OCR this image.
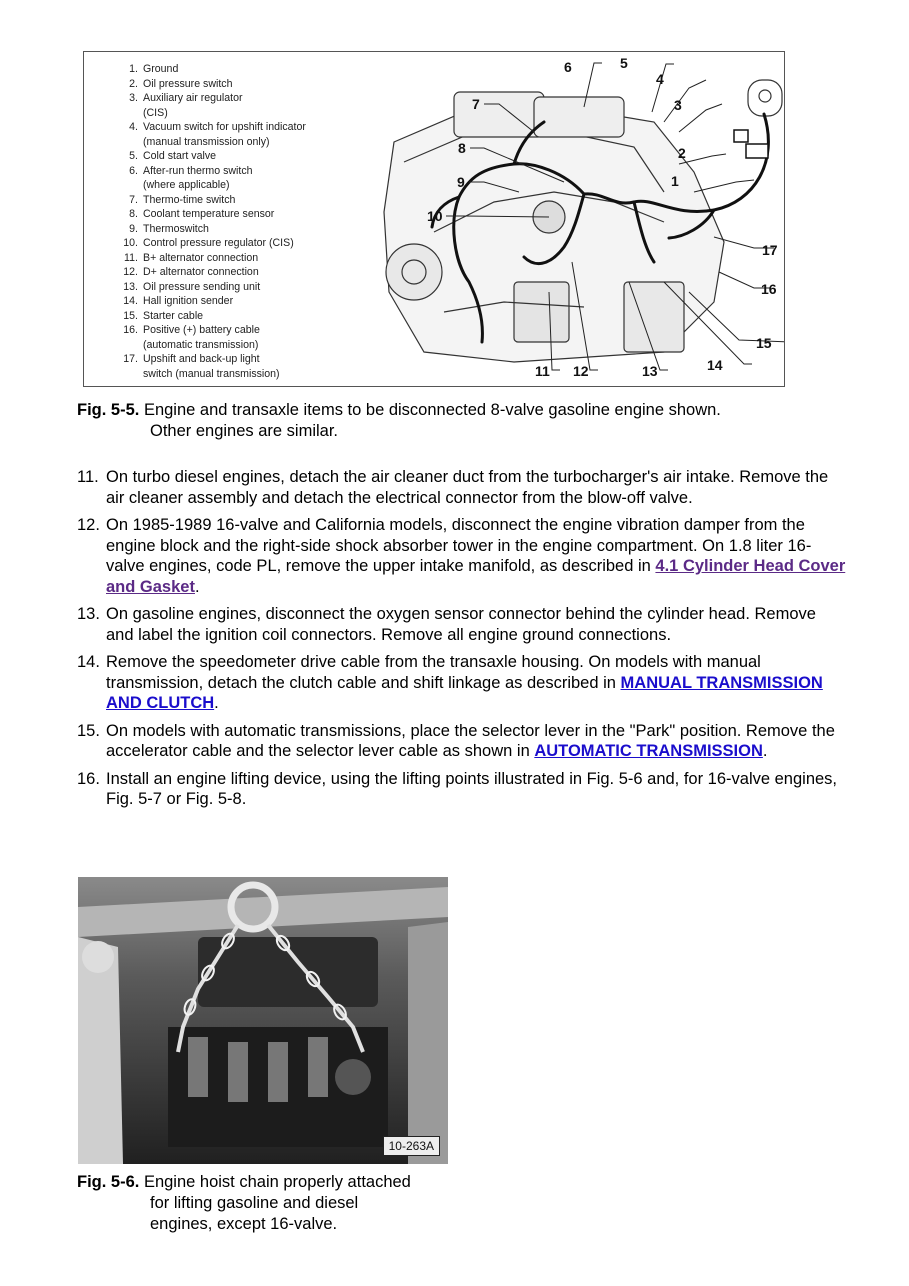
1. Ground
2. Oil pressure switch
3. Auxiliary air regulator
(CIS)
4. Vacuum switch for upshift indicator
(manual transmission only)
5. Cold start valve
6. After-run thermo switch
(where applicable)
7. Thermo-time switch
8. Coolant temperature sensor
9. Thermoswitch
10. Control pressure regulator (CIS)
11. B+ alternator connection
12. D+ alternator connection
13. Oil pressure sending unit
14. Hall ignition sender
15. Starter cable
16. Positive (+) battery cable
(automatic transmission)
17. Upshift and back-up light
switch (manual transmission)
5
6
4
3
2
1
7
8
9
10
11 12	13	14
15
16
17
Fig. 5-5. Engine and transaxle items to be disconnected 8-valve gasoline engine shown.
Other engines are similar.
11. On turbo diesel engines, detach the air cleaner duct from the turbocharger's air intake. Remove the air cleaner assembly and detach the electrical connector from the blow-off valve.
12. On 1985-1989 16-valve and California models, disconnect the engine vibration damper from the engine block and the right-side shock absorber tower in the engine compartment. On 1.8 liter 16-valve engines, code PL, remove the upper intake manifold, as described in 4.1 Cylinder Head Cover and Gasket.
13. On gasoline engines, disconnect the oxygen sensor connector behind the cylinder head. Remove and label the ignition coil connectors. Remove all engine ground connections.
14. Remove the speedometer drive cable from the transaxle housing. On models with manual transmission, detach the clutch cable and shift linkage as described in MANUAL TRANSMISSION AND CLUTCH.
15. On models with automatic transmissions, place the selector lever in the "Park" position. Remove the accelerator cable and the selector lever cable as shown in AUTOMATIC TRANSMISSION.
16. Install an engine lifting device, using the lifting points illustrated in Fig. 5-6 and, for 16-valve engines, Fig. 5-7 or Fig. 5-8.
10-263A
Fig. 5-6. Engine hoist chain properly attached
for lifting gasoline and diesel
engines, except 16-valve.
